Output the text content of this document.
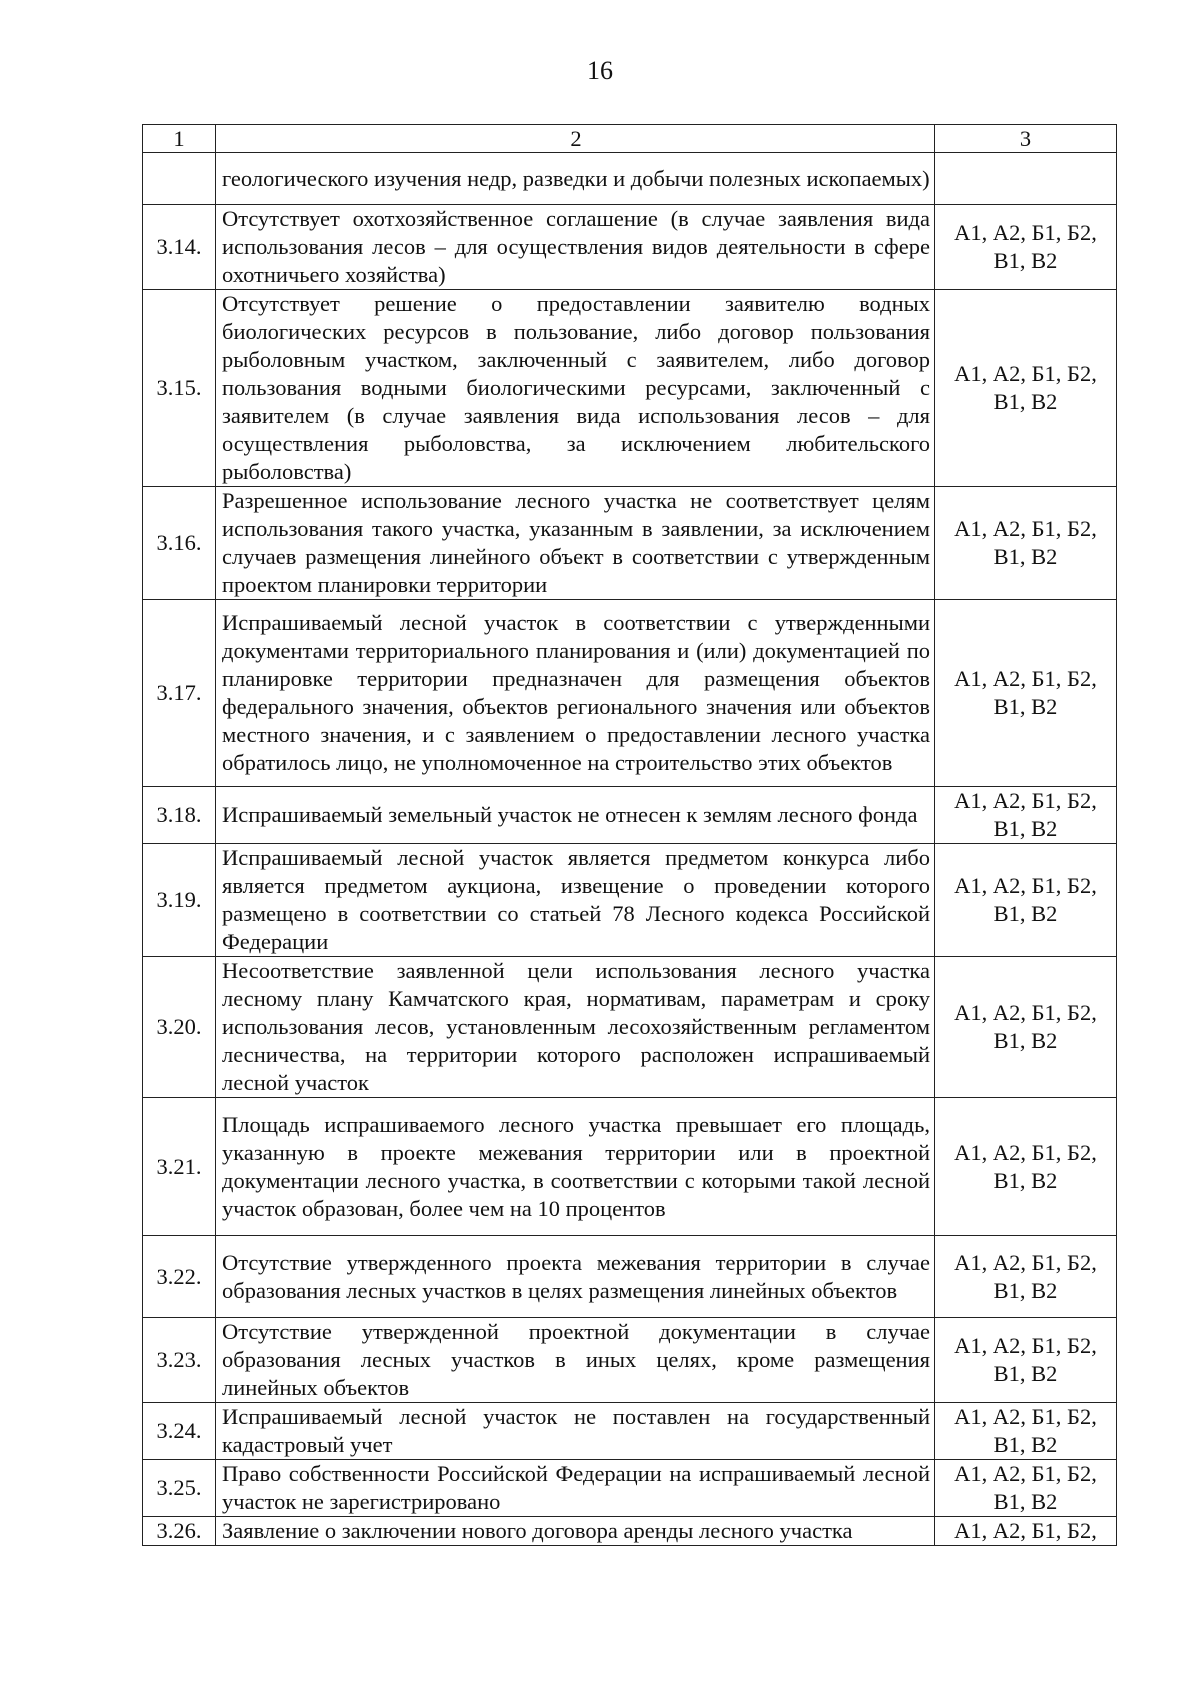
16
1	2	3
	геологического изучения недр, разведки и добычи полезных ископаемых)	
3.14.	Отсутствует охотхозяйственное соглашение (в случае заявления вида использования лесов – для осуществления видов деятельности в сфере охотничьего хозяйства)	А1, А2, Б1, Б2, В1, В2
3.15.	Отсутствует решение о предоставлении заявителю водных биологических ресурсов в пользование, либо договор пользования рыболовным участком, заключенный с заявителем, либо договор пользования водными биологическими ресурсами, заключенный с заявителем (в случае заявления вида использования лесов – для осуществления рыболовства, за исключением любительского рыболовства)	А1, А2, Б1, Б2, В1, В2
3.16.	Разрешенное использование лесного участка не соответствует целям использования такого участка, указанным в заявлении, за исключением случаев размещения линейного объект в соответствии с утвержденным проектом планировки территории	А1, А2, Б1, Б2, В1, В2
3.17.	Испрашиваемый лесной участок в соответствии с утвержденными документами территориального планирования и (или) документацией по планировке территории предназначен для размещения объектов федерального значения, объектов регионального значения или объектов местного значения, и с заявлением о предоставлении лесного участка обратилось лицо, не уполномоченное на строительство этих объектов	А1, А2, Б1, Б2, В1, В2
3.18.	Испрашиваемый земельный участок не отнесен к землям лесного фонда	А1, А2, Б1, Б2, В1, В2
3.19.	Испрашиваемый лесной участок является предметом конкурса либо является предметом аукциона, извещение о проведении которого размещено в соответствии со статьей 78 Лесного кодекса Российской Федерации	А1, А2, Б1, Б2, В1, В2
3.20.	Несоответствие заявленной цели использования лесного участка лесному плану Камчатского края, нормативам, параметрам и сроку использования лесов, установленным лесохозяйственным регламентом лесничества, на территории которого расположен испрашиваемый лесной участок	А1, А2, Б1, Б2, В1, В2
3.21.	Площадь испрашиваемого лесного участка превышает его площадь, указанную в проекте межевания территории или в проектной документации лесного участка, в соответствии с которыми такой лесной участок образован, более чем на 10 процентов	А1, А2, Б1, Б2, В1, В2
3.22.	Отсутствие утвержденного проекта межевания территории в случае образования лесных участков в целях размещения линейных объектов	А1, А2, Б1, Б2, В1, В2
3.23.	Отсутствие утвержденной проектной документации в случае образования лесных участков в иных целях, кроме размещения линейных объектов	А1, А2, Б1, Б2, В1, В2
3.24.	Испрашиваемый лесной участок не поставлен на государственный кадастровый учет	А1, А2, Б1, Б2, В1, В2
3.25.	Право собственности Российской Федерации на испрашиваемый лесной участок не зарегистрировано	А1, А2, Б1, Б2, В1, В2
3.26.	Заявление о заключении нового договора аренды лесного участка	А1, А2, Б1, Б2,
